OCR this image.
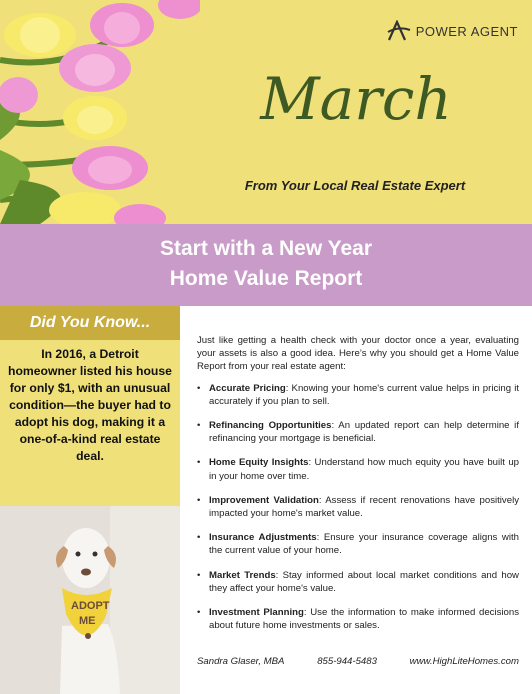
POWER AGENT
March
From Your Local Real Estate Expert
Start with a New Year
Home Value Report
Did You Know...
In 2016, a Detroit homeowner listed his house for only $1, with an unusual condition—the buyer had to adopt his dog, making it a one-of-a-kind real estate deal.
ADOPT
ME

Just like getting a health check with your doctor once a year, evaluating your assets is also a good idea. Here’s why you should get a Home Value Report from your real estate agent:

• Accurate Pricing: Knowing your home's current value helps in pricing it accurately if you plan to sell.
• Refinancing Opportunities: An updated report can help determine if refinancing your mortgage is beneficial.
• Home Equity Insights: Understand how much equity you have built up in your home over time.
• Improvement Validation: Assess if recent renovations have positively impacted your home's market value.
• Insurance Adjustments: Ensure your insurance coverage aligns with the current value of your home.
• Market Trends: Stay informed about local market conditions and how they affect your home's value.
• Investment Planning: Use the information to make informed decisions about future home investments or sales.
Sandra Glaser, MBA	855-944-5483	www.HighLiteHomes.com
